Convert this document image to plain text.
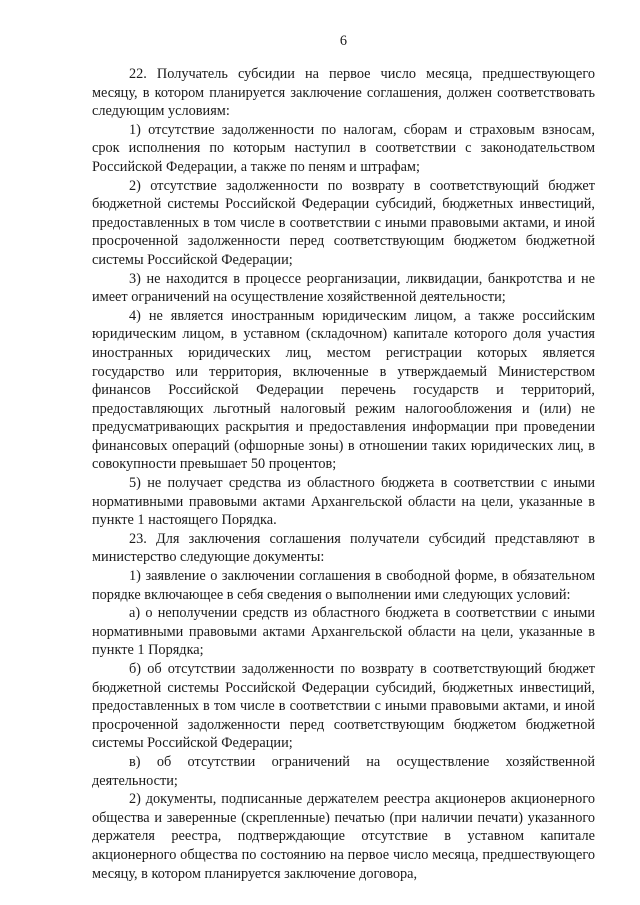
6

22. Получатель субсидии на первое число месяца, предшествующего месяцу, в котором планируется заключение соглашения, должен соответствовать следующим условиям:

1) отсутствие задолженности по налогам, сборам и страховым взносам, срок исполнения по которым наступил в соответствии с законодательством Российской Федерации, а также по пеням и штрафам;

2) отсутствие задолженности по возврату в соответствующий бюджет бюджетной системы Российской Федерации субсидий, бюджетных инвестиций, предоставленных в том числе в соответствии с иными правовыми актами, и иной просроченной задолженности перед соответствующим бюджетом бюджетной системы Российской Федерации;

3) не находится в процессе реорганизации, ликвидации, банкротства и не имеет ограничений на осуществление хозяйственной деятельности;

4) не является иностранным юридическим лицом, а также российским юридическим лицом, в уставном (складочном) капитале которого доля участия иностранных юридических лиц, местом регистрации которых является государство или территория, включенные в утверждаемый Министерством финансов Российской Федерации перечень государств и территорий, предоставляющих льготный налоговый режим налогообложения и (или) не предусматривающих раскрытия и предоставления информации при проведении финансовых операций (офшорные зоны) в отношении таких юридических лиц, в совокупности превышает 50 процентов;

5) не получает средства из областного бюджета в соответствии с иными нормативными правовыми актами Архангельской области на цели, указанные в пункте 1 настоящего Порядка.

23. Для заключения соглашения получатели субсидий представляют в министерство следующие документы:

1) заявление о заключении соглашения в свободной форме, в обязательном порядке включающее в себя сведения о выполнении ими следующих условий:

а) о неполучении средств из областного бюджета в соответствии с иными нормативными правовыми актами Архангельской области на цели, указанные в пункте 1 Порядка;

б) об отсутствии задолженности по возврату в соответствующий бюджет бюджетной системы Российской Федерации субсидий, бюджетных инвестиций, предоставленных в том числе в соответствии с иными правовыми актами, и иной просроченной задолженности перед соответствующим бюджетом бюджетной системы Российской Федерации;

в) об отсутствии ограничений на осуществление хозяйственной деятельности;

2) документы, подписанные держателем реестра акционеров акционерного общества и заверенные (скрепленные) печатью (при наличии печати) указанного держателя реестра, подтверждающие отсутствие в уставном капитале акционерного общества по состоянию на первое число месяца, предшествующего месяцу, в котором планируется заключение договора,
